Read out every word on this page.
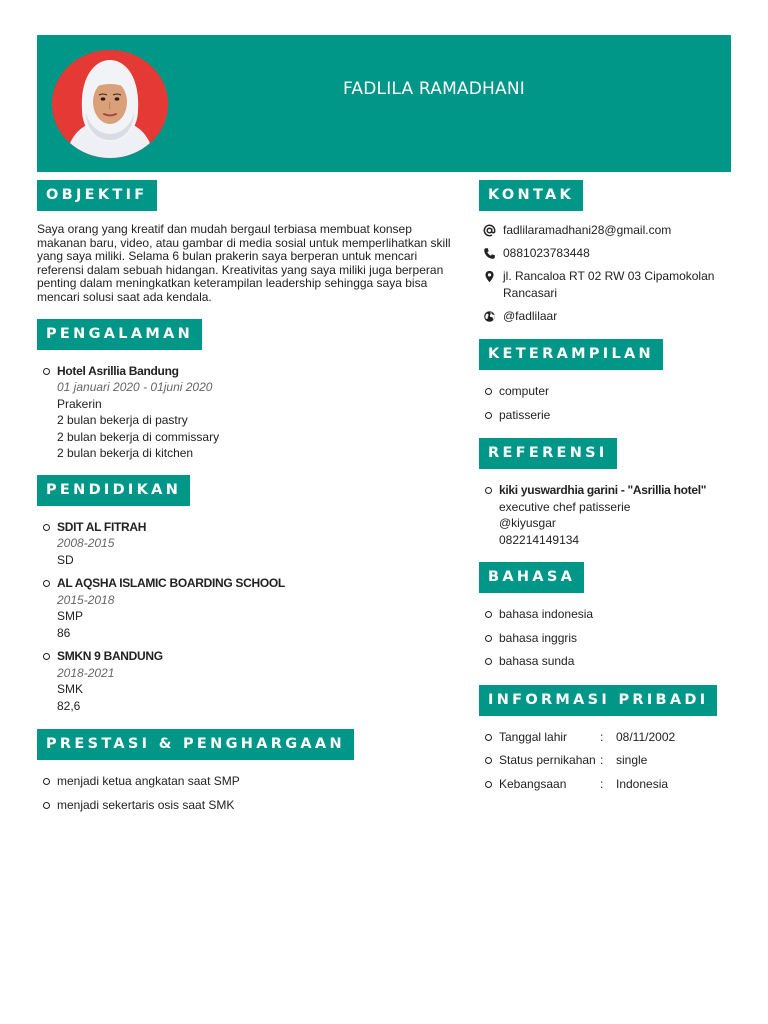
FADLILA RAMADHANI
OBJEKTIF

Saya orang yang kreatif dan mudah bergaul terbiasa membuat konsep makanan baru, video, atau gambar di media sosial untuk memperlihatkan skill yang saya miliki. Selama 6 bulan prakerin saya berperan untuk mencari referensi dalam sebuah hidangan. Kreativitas yang saya miliki juga berperan penting dalam meningkatkan keterampilan leadership sehingga saya bisa mencari solusi saat ada kendala.

PENGALAMAN
Hotel Asrillia Bandung
01 januari 2020 - 01juni 2020
Prakerin
2 bulan bekerja di pastry
2 bulan bekerja di commissary
2 bulan bekerja di kitchen
PENDIDIKAN
SDIT AL FITRAH
2008-2015
SD
AL AQSHA ISLAMIC BOARDING SCHOOL
2015-2018
SMP
86
SMKN 9 BANDUNG
2018-2021
SMK
82,6
PRESTASI & PENGHARGAAN
menjadi ketua angkatan saat SMP
menjadi sekertaris osis saat SMK
KONTAK
fadlilaramadhani28@gmail.com
0881023783448
jl. Rancaloa RT 02 RW 03 Cipamokolan Rancasari
@fadlilaar
KETERAMPILAN
computer
patisserie
REFERENSI
kiki yuswardhia garini - "Asrillia hotel"
executive chef patisserie
@kiyusgar
082214149134
BAHASA
bahasa indonesia
bahasa inggris
bahasa sunda
INFORMASI PRIBADI
Tanggal lahir	:	08/11/2002
Status pernikahan :	single
Kebangsaan	:	Indonesia
